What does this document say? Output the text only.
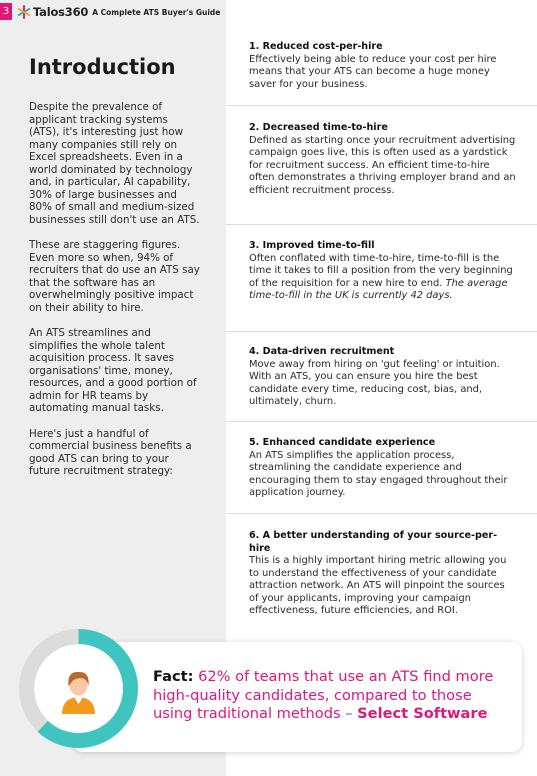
3 Talos360 A Complete ATS Buyer's Guide
Introduction

Despite the prevalence of applicant tracking systems (ATS), it's interesting just how many companies still rely on Excel spreadsheets. Even in a world dominated by technology and, in particular, AI capability, 30% of large businesses and 80% of small and medium-sized businesses still don't use an ATS.

These are staggering figures. Even more so when, 94% of recruiters that do use an ATS say that the software has an overwhelmingly positive impact on their ability to hire.

An ATS streamlines and simplifies the whole talent acquisition process. It saves organisations' time, money, resources, and a good portion of admin for HR teams by automating manual tasks.

Here's just a handful of commercial business benefits a good ATS can bring to your future recruitment strategy:

1. Reduced cost-per-hire

Effectively being able to reduce your cost per hire means that your ATS can become a huge money saver for your business.

2. Decreased time-to-hire

Defined as starting once your recruitment advertising campaign goes live, this is often used as a yardstick for recruitment success. An efficient time-to-hire often demonstrates a thriving employer brand and an efficient recruitment process.

3. Improved time-to-fill

Often conflated with time-to-hire, time-to-fill is the time it takes to fill a position from the very beginning of the requisition for a new hire to end. The average time-to-fill in the UK is currently 42 days.

4. Data-driven recruitment

Move away from hiring on 'gut feeling' or intuition. With an ATS, you can ensure you hire the best candidate every time, reducing cost, bias, and, ultimately, churn.

5. Enhanced candidate experience

An ATS simplifies the application process, streamlining the candidate experience and encouraging them to stay engaged throughout their application journey.

6. A better understanding of your source-per-hire

This is a highly important hiring metric allowing you to understand the effectiveness of your candidate attraction network. An ATS will pinpoint the sources of your applicants, improving your campaign effectiveness, future efficiencies, and ROI.

Fact: 62% of teams that use an ATS find more high-quality candidates, compared to those using traditional methods – Select Software
